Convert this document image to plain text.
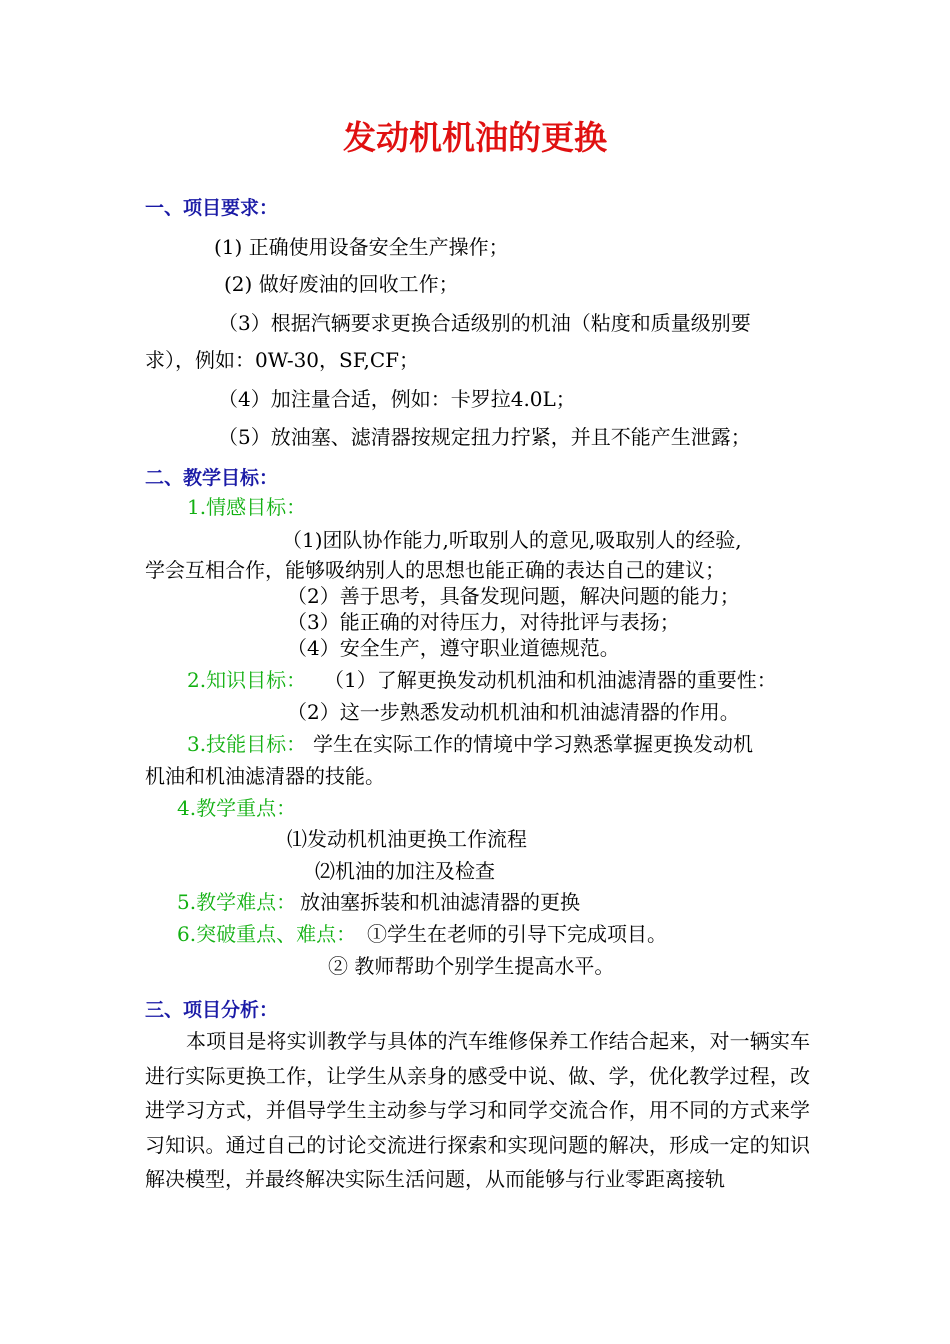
发动机机油的更换
一、项目要求：
(1) 正确使用设备安全生产操作；
(2) 做好废油的回收工作；
（3）根据汽辆要求更换合适级别的机油（粘度和质量级别要
求），例如：0W-30，SF,CF；
（4）加注量合适，例如：卡罗拉4.0L；
（5）放油塞、滤清器按规定扭力拧紧，并且不能产生泄露；
二、教学目标：
1.情感目标：
（1)团队协作能力,听取别人的意见,吸取别人的经验,
学会互相合作，能够吸纳别人的思想也能正确的表达自己的建议；
（2）善于思考，具备发现问题，解决问题的能力；
（3）能正确的对待压力，对待批评与表扬；
（4）安全生产，遵守职业道德规范。
2.知识目标： （1）了解更换发动机机油和机油滤清器的重要性：
（2）这一步熟悉发动机机油和机油滤清器的作用。
3.技能目标： 学生在实际工作的情境中学习熟悉掌握更换发动机
机油和机油滤清器的技能。
4.教学重点：
⑴发动机机油更换工作流程
⑵机油的加注及检查
5.教学难点： 放油塞拆装和机油滤清器的更换
6.突破重点、难点： ①学生在老师的引导下完成项目。
② 教师帮助个别学生提高水平。
三、项目分析：
本项目是将实训教学与具体的汽车维修保养工作结合起来，对一辆实车进行实际更换工作，让学生从亲身的感受中说、做、学，优化教学过程，改进学习方式，并倡导学生主动参与学习和同学交流合作，用不同的方式来学习知识。通过自己的讨论交流进行探索和实现问题的解决，形成一定的知识解决模型，并最终解决实际生活问题，从而能够与行业零距离接轨
